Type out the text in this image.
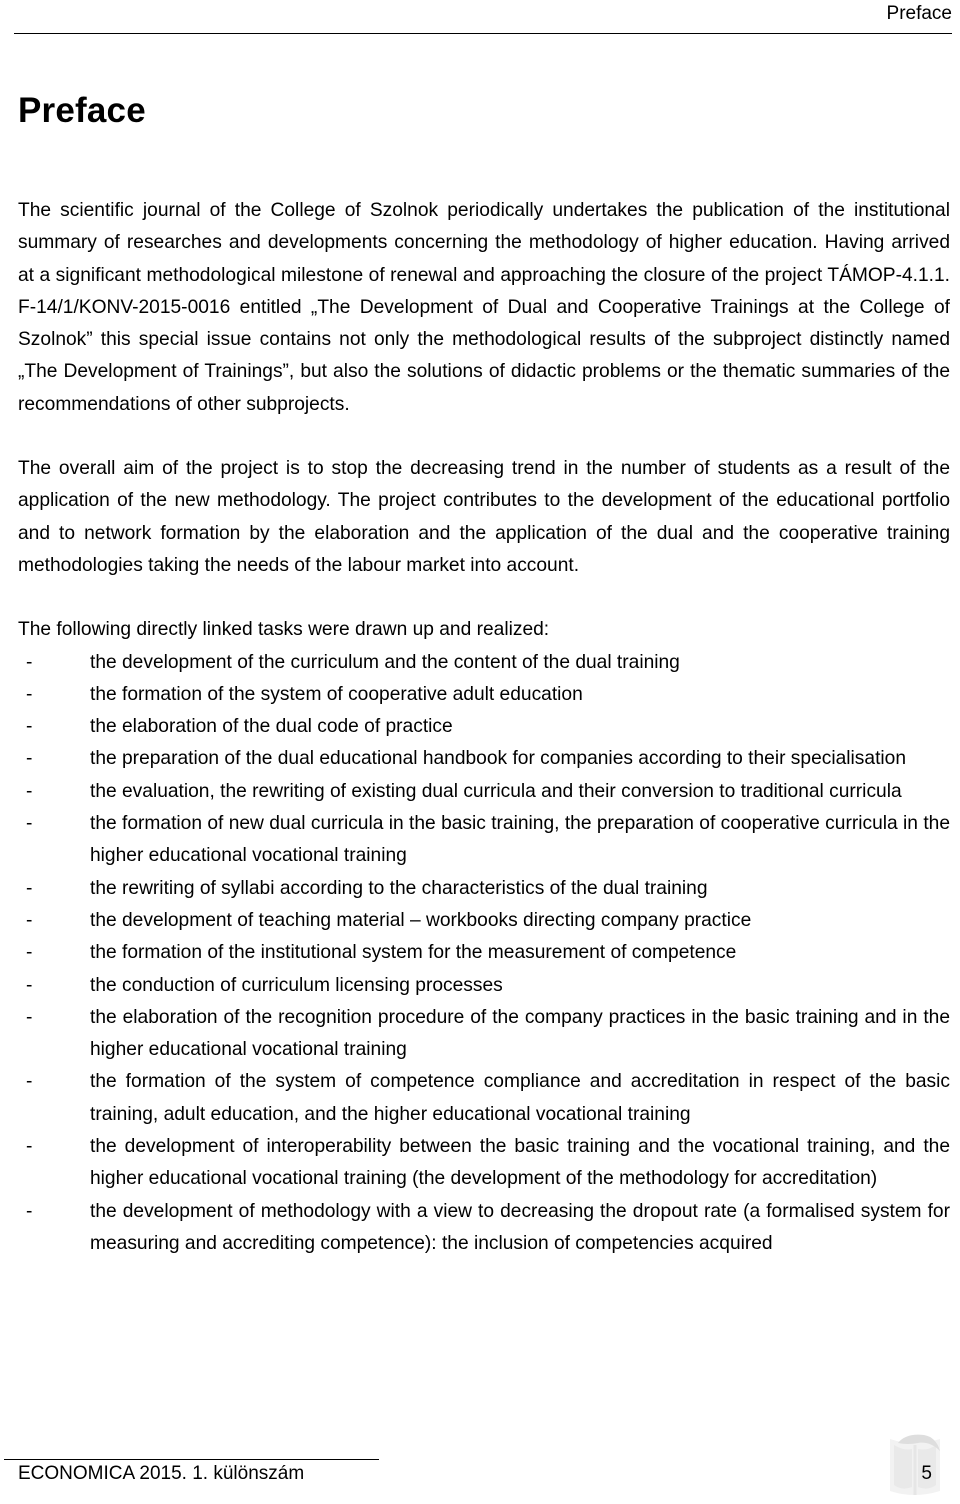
Preface
Preface

The scientific journal of the College of Szolnok periodically undertakes the publication of the institutional summary of researches and developments concerning the methodology of higher education. Having arrived at a significant methodological milestone of renewal and approaching the closure of the project TÁMOP-4.1.1. F-14/1/KONV-2015-0016 entitled „The Development of Dual and Cooperative Trainings at the College of Szolnok” this special issue contains not only the methodological results of the subproject distinctly named „The Development of Trainings”, but also the solutions of didactic problems or the thematic summaries of the recommendations of other subprojects.

The overall aim of the project is to stop the decreasing trend in the number of students as a result of the application of the new methodology. The project contributes to the development of the educational portfolio and to network formation by the elaboration and the application of the dual and the cooperative training methodologies taking the needs of the labour market into account.

The following directly linked tasks were drawn up and realized:
-	the development of the curriculum and the content of the dual training
-	the formation of the system of cooperative adult education
-	the elaboration of the dual code of practice
-	the preparation of the dual educational handbook for companies according to their specialisation
-	the evaluation, the rewriting of existing dual curricula and their conversion to traditional curricula
-	the formation of new dual curricula in the basic training, the preparation of cooperative curricula in the higher educational vocational training
-	the rewriting of syllabi according to the characteristics of the dual training
-	the development of teaching material – workbooks directing company practice
-	the formation of the institutional system for the measurement of competence
-	the conduction of curriculum licensing processes
-	the elaboration of the recognition procedure of the company practices in the basic training and in the higher educational vocational training
-	the formation of the system of competence compliance and accreditation in respect of the basic training, adult education, and the higher educational vocational training
-	the development of interoperability between the basic training and the vocational training, and the higher educational vocational training (the development of the methodology for accreditation)
-	the development of methodology with a view to decreasing the dropout rate (a formalised system for measuring and accrediting competence): the inclusion of competencies acquired
ECONOMICA 2015. 1. különszám	5
